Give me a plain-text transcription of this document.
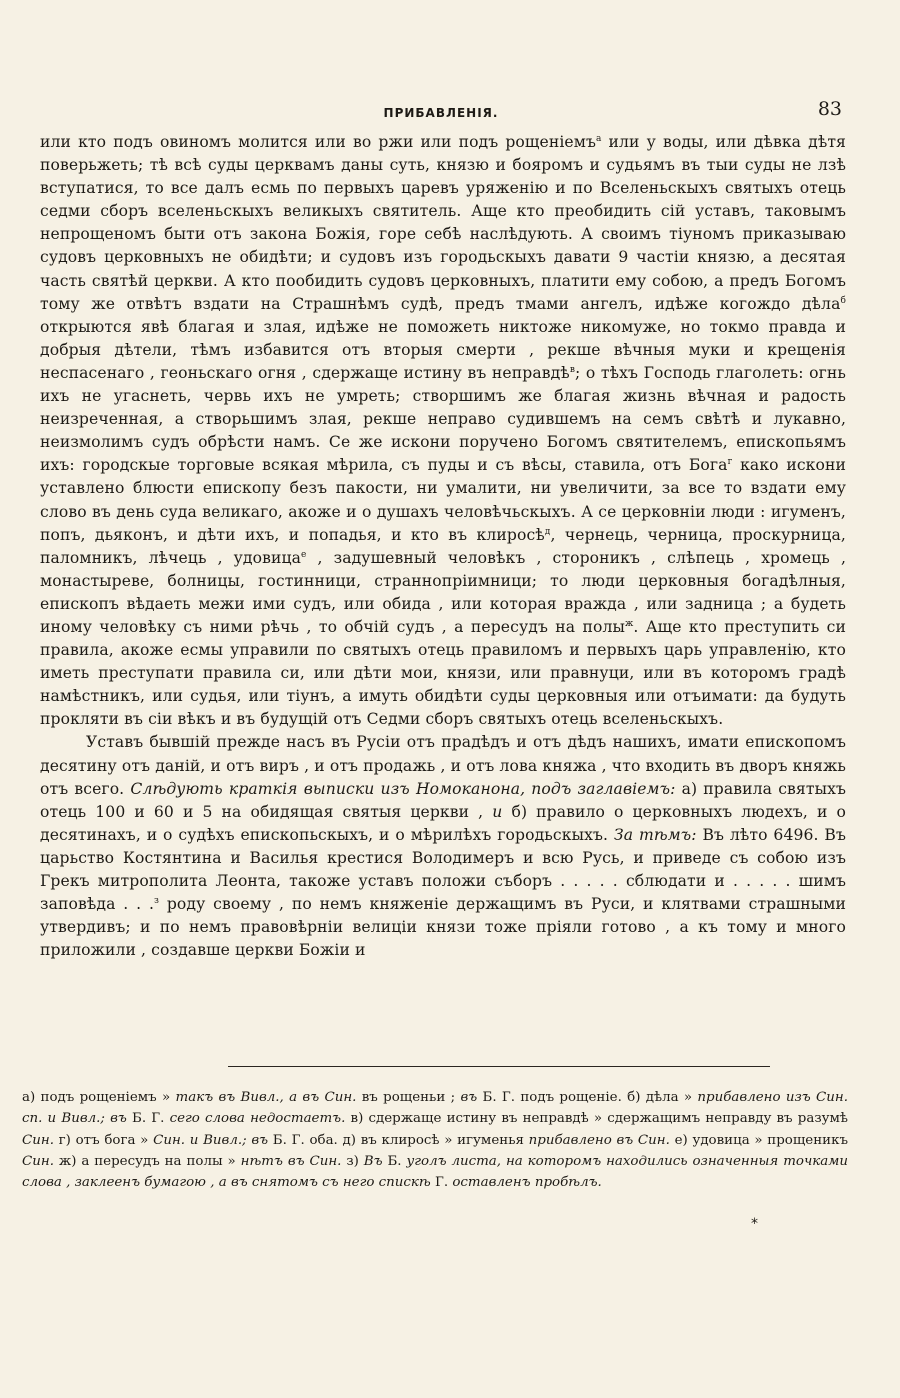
ПРИБАВЛЕНІЯ.	83

или кто подъ овиномъ молится или во ржи или подъ рощеніемъ$^а$ или у воды, или дѣвка дѣтя поверьжеть; тѣ всѣ суды церквамъ даны суть, князю и бояромъ и судьямъ въ тыи суды не лзѣ вступатися, то все далъ есмь по первыхъ царевъ уряженію и по Вселеньскыхъ святыхъ отець седми сборъ вселеньскыхъ великыхъ святитель. Аще кто преобидить сій уставъ, таковымъ непрощеномъ быти отъ закона Божія, горе себѣ наслѣдують. А своимъ тіуномъ приказываю судовъ церковныхъ не обидѣти; и судовъ изъ городьскыхъ давати 9 частіи князю, а десятая часть святѣй церкви. А кто пообидить судовъ церковныхъ, платити ему собою, а предъ Богомъ тому же отвѣтъ вздати на Страшнѣмъ судѣ, предъ тмами ангелъ, идѣже когождо дѣла$^б$ открыются явѣ благая и злая, идѣже не поможеть никтоже никомуже, но токмо правда и добрыя дѣтели, тѣмъ избавится отъ вторыя смерти , рекше вѣчныя муки и крещенія неспасенаго , геоньскаго огня , сдержаще истину въ неправдѣ$^в$; о тѣхъ Господь глаголеть: огнь ихъ не угаснеть, червь ихъ не умреть; створшимъ же благая жизнь вѣчная и радость неизреченная, а створьшимъ злая, рекше неправо судившемъ на семъ свѣтѣ и лукавно, неизмолимъ судъ обрѣсти намъ. Се же искони порученo Богомъ святителемъ, епископьямъ ихъ: городскые торговые всякая мѣрила, съ пуды и съ вѣсы, ставила, отъ Бога$^г$ како искони уставлено блюсти епископу безъ пакости, ни умалити, ни увеличити, за все то вздати ему слово въ день суда великаго, акоже и о душахъ человѣчьскыхъ. А се церковніи люди : игуменъ, попъ, дьяконъ, и дѣти ихъ, и попадья, и кто въ клиросѣ$^д$, чернець, черница, проскурница, паломникъ, лѣчець , удовица$^е$ , задушевный человѣкъ , стороникъ , слѣпець , хромець , монастыреве, болницы, гостинници, страннопріимници; то люди церковныя богадѣлныя, епископъ вѣдаеть межи ими судъ, или обида , или которая вражда , или задница ; а будеть иному человѣку съ ними рѣчь , то обчій судъ , а пересудъ на полы$^ж$. Аще кто преступить си правила, акоже есмы управили по святыхъ отець правиломъ и первыхъ царь управленію, кто иметь преступати правила си, или дѣти мои, князи, или правнуци, или въ которомъ градѣ намѣстникъ, или судья, или тіунъ, а имуть обидѣти суды церковныя или отъимати: да будуть прокляти въ сіи вѣкъ и въ будущій отъ Седми сборъ святыхъ отець вселеньскыхъ.

Уставъ бывшій прежде насъ въ Русіи отъ прадѣдъ и отъ дѣдъ нашихъ, имати епископомъ десятину отъ даній, и отъ виръ , и отъ продажь , и отъ лова княжа , что входить въ дворъ княжь отъ всего. Слѣдують краткія выписки изъ Номоканона, подъ заглавіемъ: а) правила святыхъ отець 100 и 60 и 5 на обидящая святыя церкви , и б) правило о церковныхъ людехъ, и о десятинахъ, и о судѣхъ епископьскыхъ, и о мѣрилѣхъ городьскыхъ. За тѣмъ: Въ лѣто 6496. Въ царьство Костянтина и Василья крестися Володимеръ и всю Русь, и приведе съ собою изъ Грекъ митрополита Леонта, такоже уставъ положи съборъ . . . . . сблюдати и . . . . . шимъ заповѣда . . .$^з$ роду своему , по немъ княженіе держащимъ въ Руси, и клятвами страшными утвердивъ; и по немъ правовѣрніи велиціи князи тоже пріяли готово , а къ тому и много приложили , создавше церкви Божіи и

а) подъ рощеніемъ » такъ въ Вивл., а въ Син. въ рощеньи ; въ Б. Г. подъ рощеніе. б) дѣла » прибавлено изъ Син. сп. и Вивл.; въ Б. Г. сего слова недостаетъ. в) сдержаще истину въ неправдѣ » сдержащимъ неправду въ разумѣ Син. г) отъ бога » Син. и Вивл.; въ Б. Г. оба. д) въ клиросѣ » игуменья прибавлено въ Син. е) удовица » прощеникъ Син. ж) а пересудъ на полы » нѣтъ въ Син. з) Въ Б. уголъ листа, на которомъ находились означенныя точками слова , заклеенъ бумагою , а въ снятомъ съ него спискѣ Г. оставленъ пробѣлъ.

*
